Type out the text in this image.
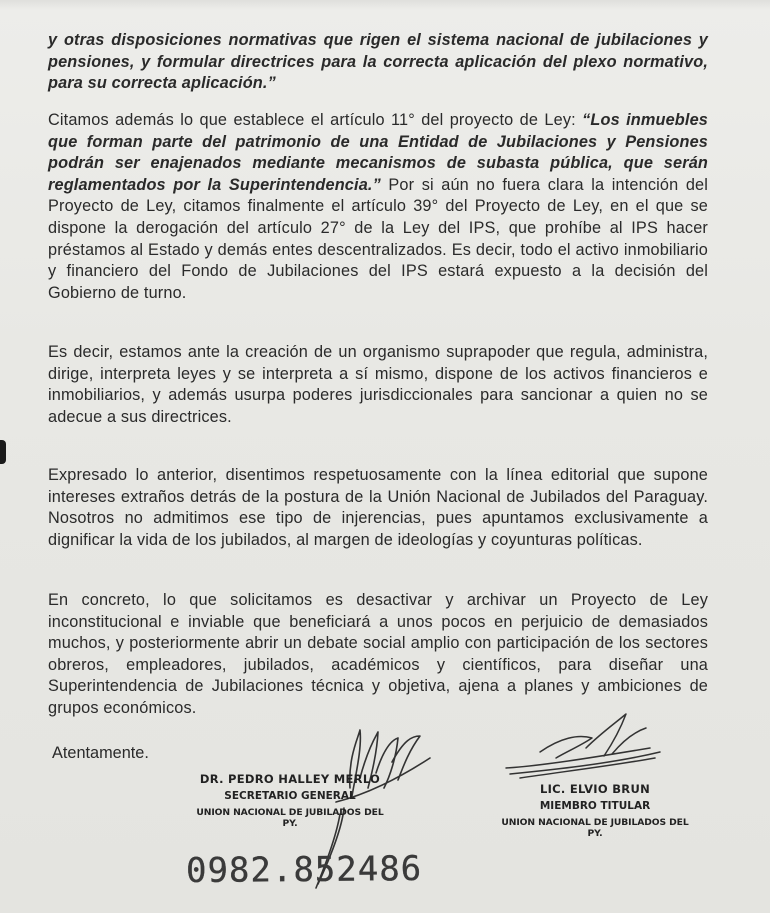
y otras disposiciones normativas que rigen el sistema nacional de jubilaciones y pensiones, y formular directrices para la correcta aplicación del plexo normativo, para su correcta aplicación.”
Citamos además lo que establece el artículo 11° del proyecto de Ley: “Los inmuebles que forman parte del patrimonio de una Entidad de Jubilaciones y Pensiones podrán ser enajenados mediante mecanismos de subasta pública, que serán reglamentados por la Superintendencia.” Por si aún no fuera clara la intención del Proyecto de Ley, citamos finalmente el artículo 39° del Proyecto de Ley, en el que se dispone la derogación del artículo 27° de la Ley del IPS, que prohíbe al IPS hacer préstamos al Estado y demás entes descentralizados. Es decir, todo el activo inmobiliario y financiero del Fondo de Jubilaciones del IPS estará expuesto a la decisión del Gobierno de turno.
Es decir, estamos ante la creación de un organismo suprapoder que regula, administra, dirige, interpreta leyes y se interpreta a sí mismo, dispone de los activos financieros e inmobiliarios, y además usurpa poderes jurisdiccionales para sancionar a quien no se adecue a sus directrices.
Expresado lo anterior, disentimos respetuosamente con la línea editorial que supone intereses extraños detrás de la postura de la Unión Nacional de Jubilados del Paraguay. Nosotros no admitimos ese tipo de injerencias, pues apuntamos exclusivamente a dignificar la vida de los jubilados, al margen de ideologías y coyunturas políticas.
En concreto, lo que solicitamos es desactivar y archivar un Proyecto de Ley inconstitucional e inviable que beneficiará a unos pocos en perjuicio de demasiados muchos, y posteriormente abrir un debate social amplio con participación de los sectores obreros, empleadores, jubilados, académicos y científicos, para diseñar una Superintendencia de Jubilaciones técnica y objetiva, ajena a planes y ambiciones de grupos económicos.
Atentamente.
DR. PEDRO HALLEY MERLO
SECRETARIO GENERAL
UNION NACIONAL DE JUBILADOS DEL PY.
LIC. ELVIO BRUN
MIEMBRO TITULAR
UNION NACIONAL DE JUBILADOS DEL PY.
0982.852486
